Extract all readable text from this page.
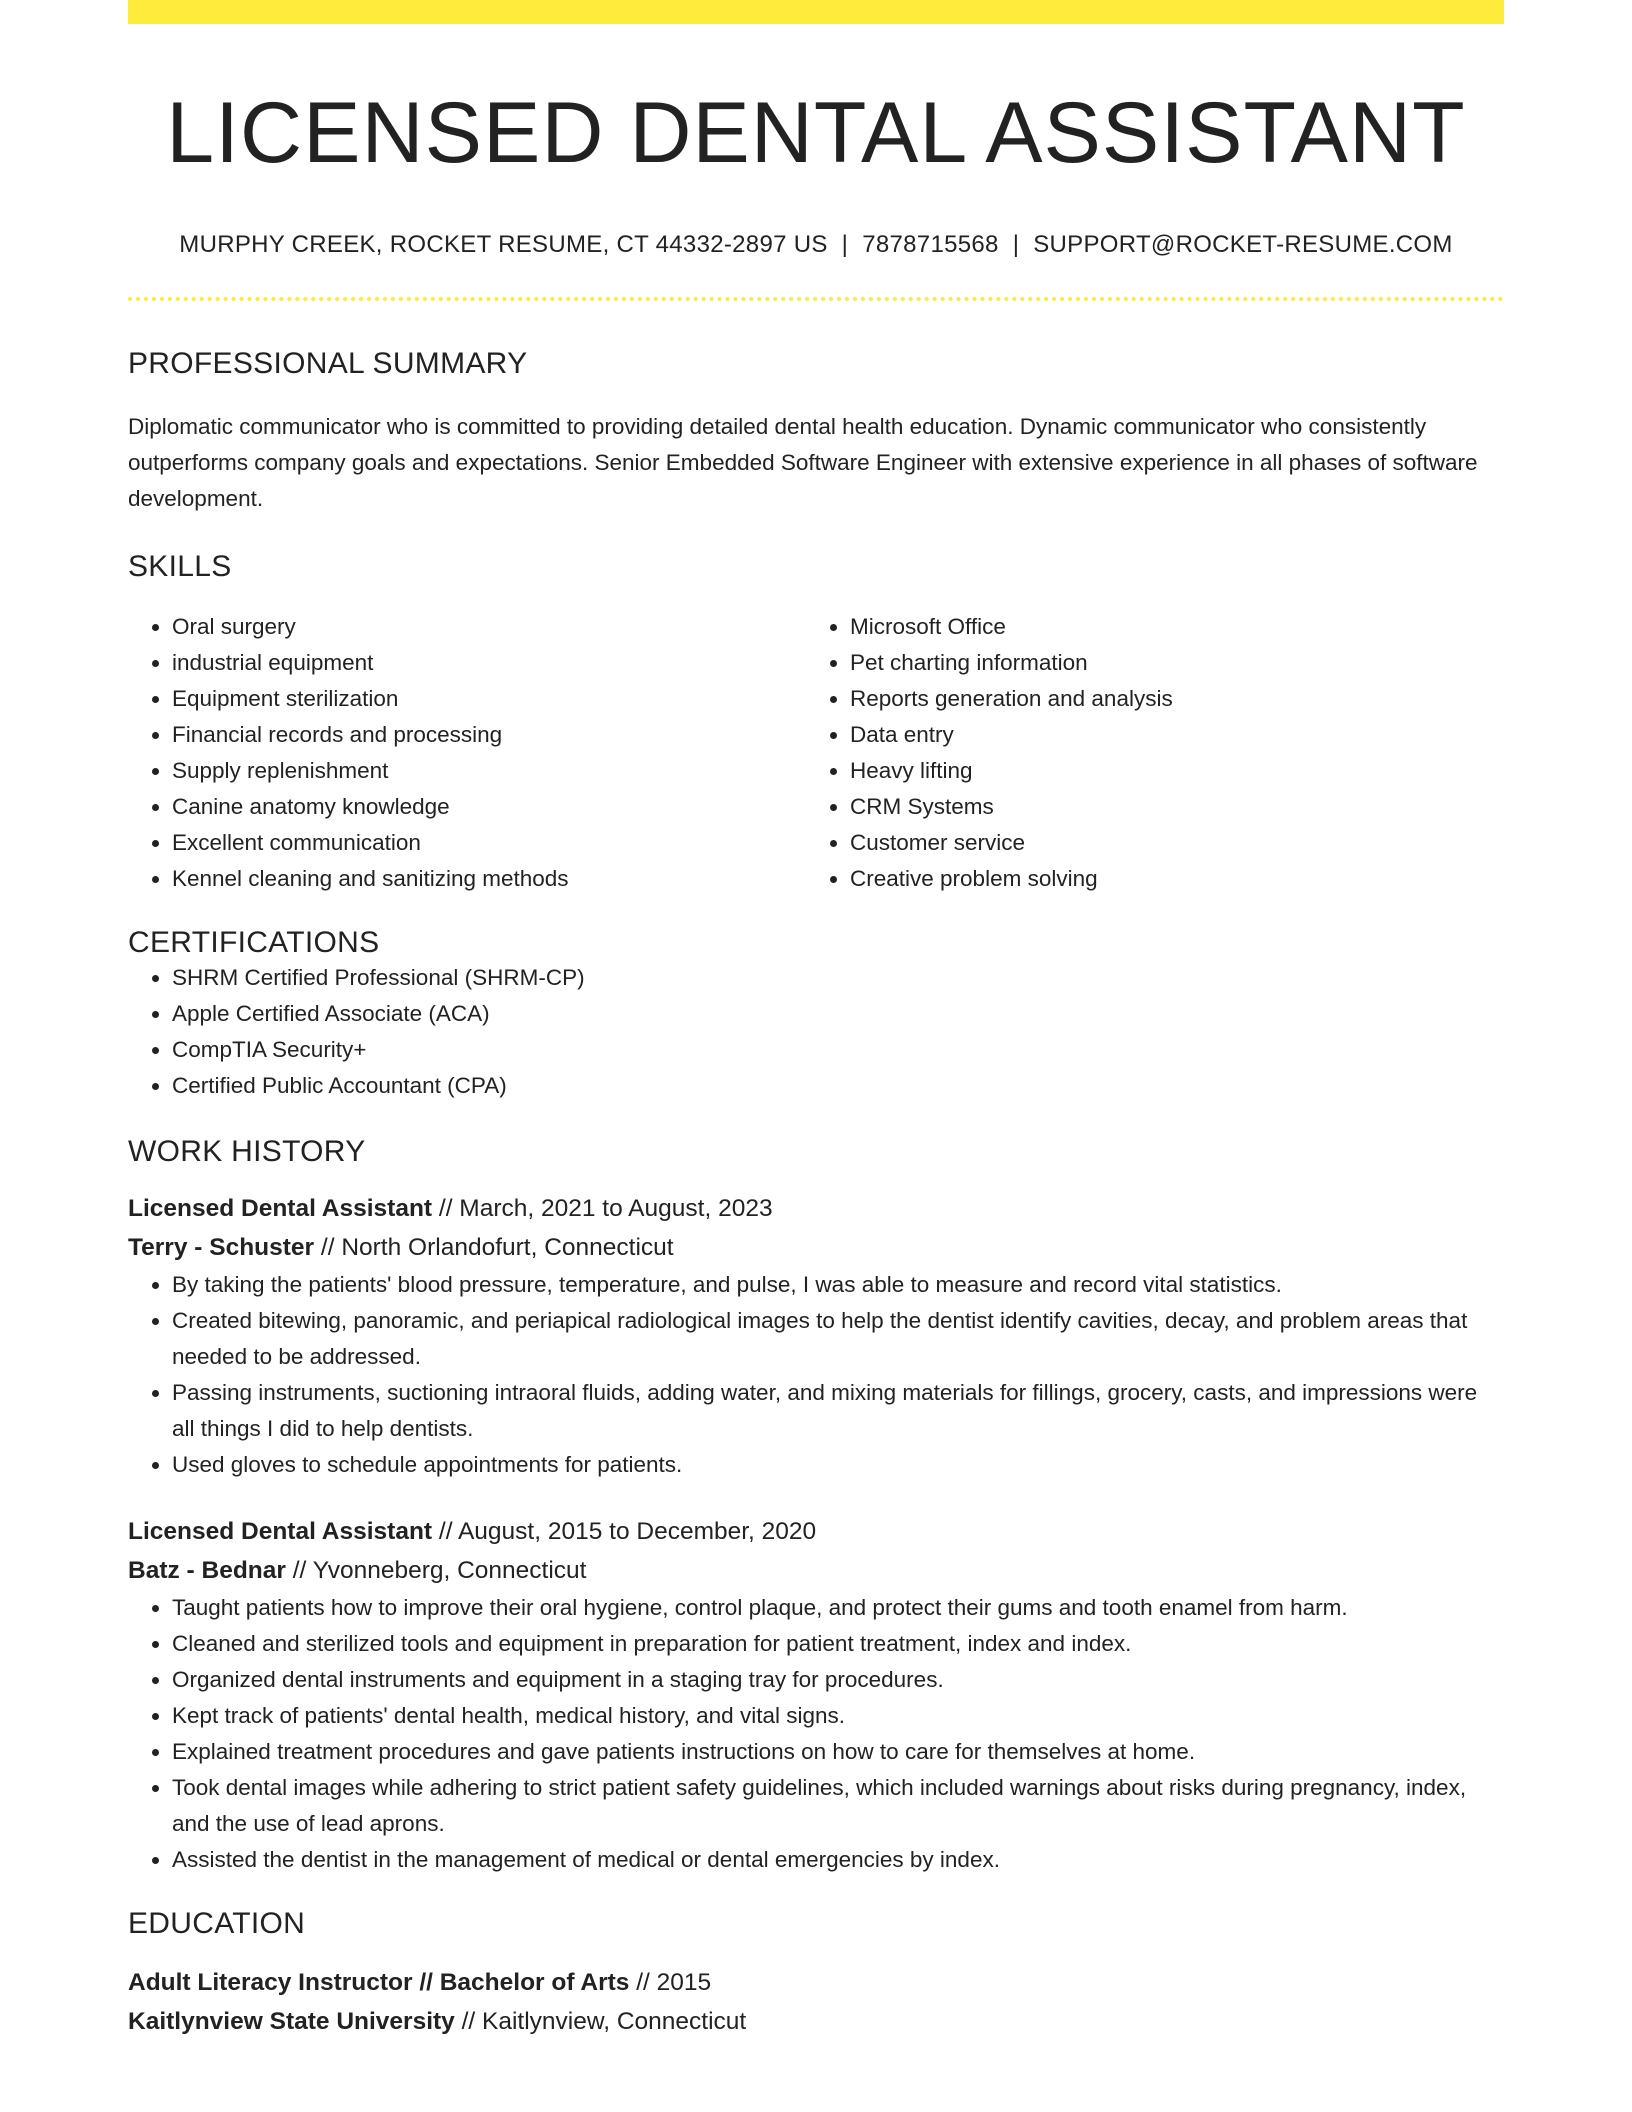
LICENSED DENTAL ASSISTANT
MURPHY CREEK, ROCKET RESUME, CT 44332-2897 US | 7878715568 | SUPPORT@ROCKET-RESUME.COM
PROFESSIONAL SUMMARY
Diplomatic communicator who is committed to providing detailed dental health education. Dynamic communicator who consistently outperforms company goals and expectations. Senior Embedded Software Engineer with extensive experience in all phases of software development.
SKILLS
• Oral surgery
• industrial equipment
• Equipment sterilization
• Financial records and processing
• Supply replenishment
• Canine anatomy knowledge
• Excellent communication
• Kennel cleaning and sanitizing methods
• Microsoft Office
• Pet charting information
• Reports generation and analysis
• Data entry
• Heavy lifting
• CRM Systems
• Customer service
• Creative problem solving
CERTIFICATIONS
• SHRM Certified Professional (SHRM-CP)
• Apple Certified Associate (ACA)
• CompTIA Security+
• Certified Public Accountant (CPA)
WORK HISTORY
Licensed Dental Assistant // March, 2021 to August, 2023
Terry - Schuster // North Orlandofurt, Connecticut
• By taking the patients' blood pressure, temperature, and pulse, I was able to measure and record vital statistics.
• Created bitewing, panoramic, and periapical radiological images to help the dentist identify cavities, decay, and problem areas that needed to be addressed.
• Passing instruments, suctioning intraoral fluids, adding water, and mixing materials for fillings, grocery, casts, and impressions were all things I did to help dentists.
• Used gloves to schedule appointments for patients.
Licensed Dental Assistant // August, 2015 to December, 2020
Batz - Bednar // Yvonneberg, Connecticut
• Taught patients how to improve their oral hygiene, control plaque, and protect their gums and tooth enamel from harm.
• Cleaned and sterilized tools and equipment in preparation for patient treatment, index and index.
• Organized dental instruments and equipment in a staging tray for procedures.
• Kept track of patients' dental health, medical history, and vital signs.
• Explained treatment procedures and gave patients instructions on how to care for themselves at home.
• Took dental images while adhering to strict patient safety guidelines, which included warnings about risks during pregnancy, index, and the use of lead aprons.
• Assisted the dentist in the management of medical or dental emergencies by index.
EDUCATION
Adult Literacy Instructor // Bachelor of Arts // 2015
Kaitlynview State University // Kaitlynview, Connecticut
